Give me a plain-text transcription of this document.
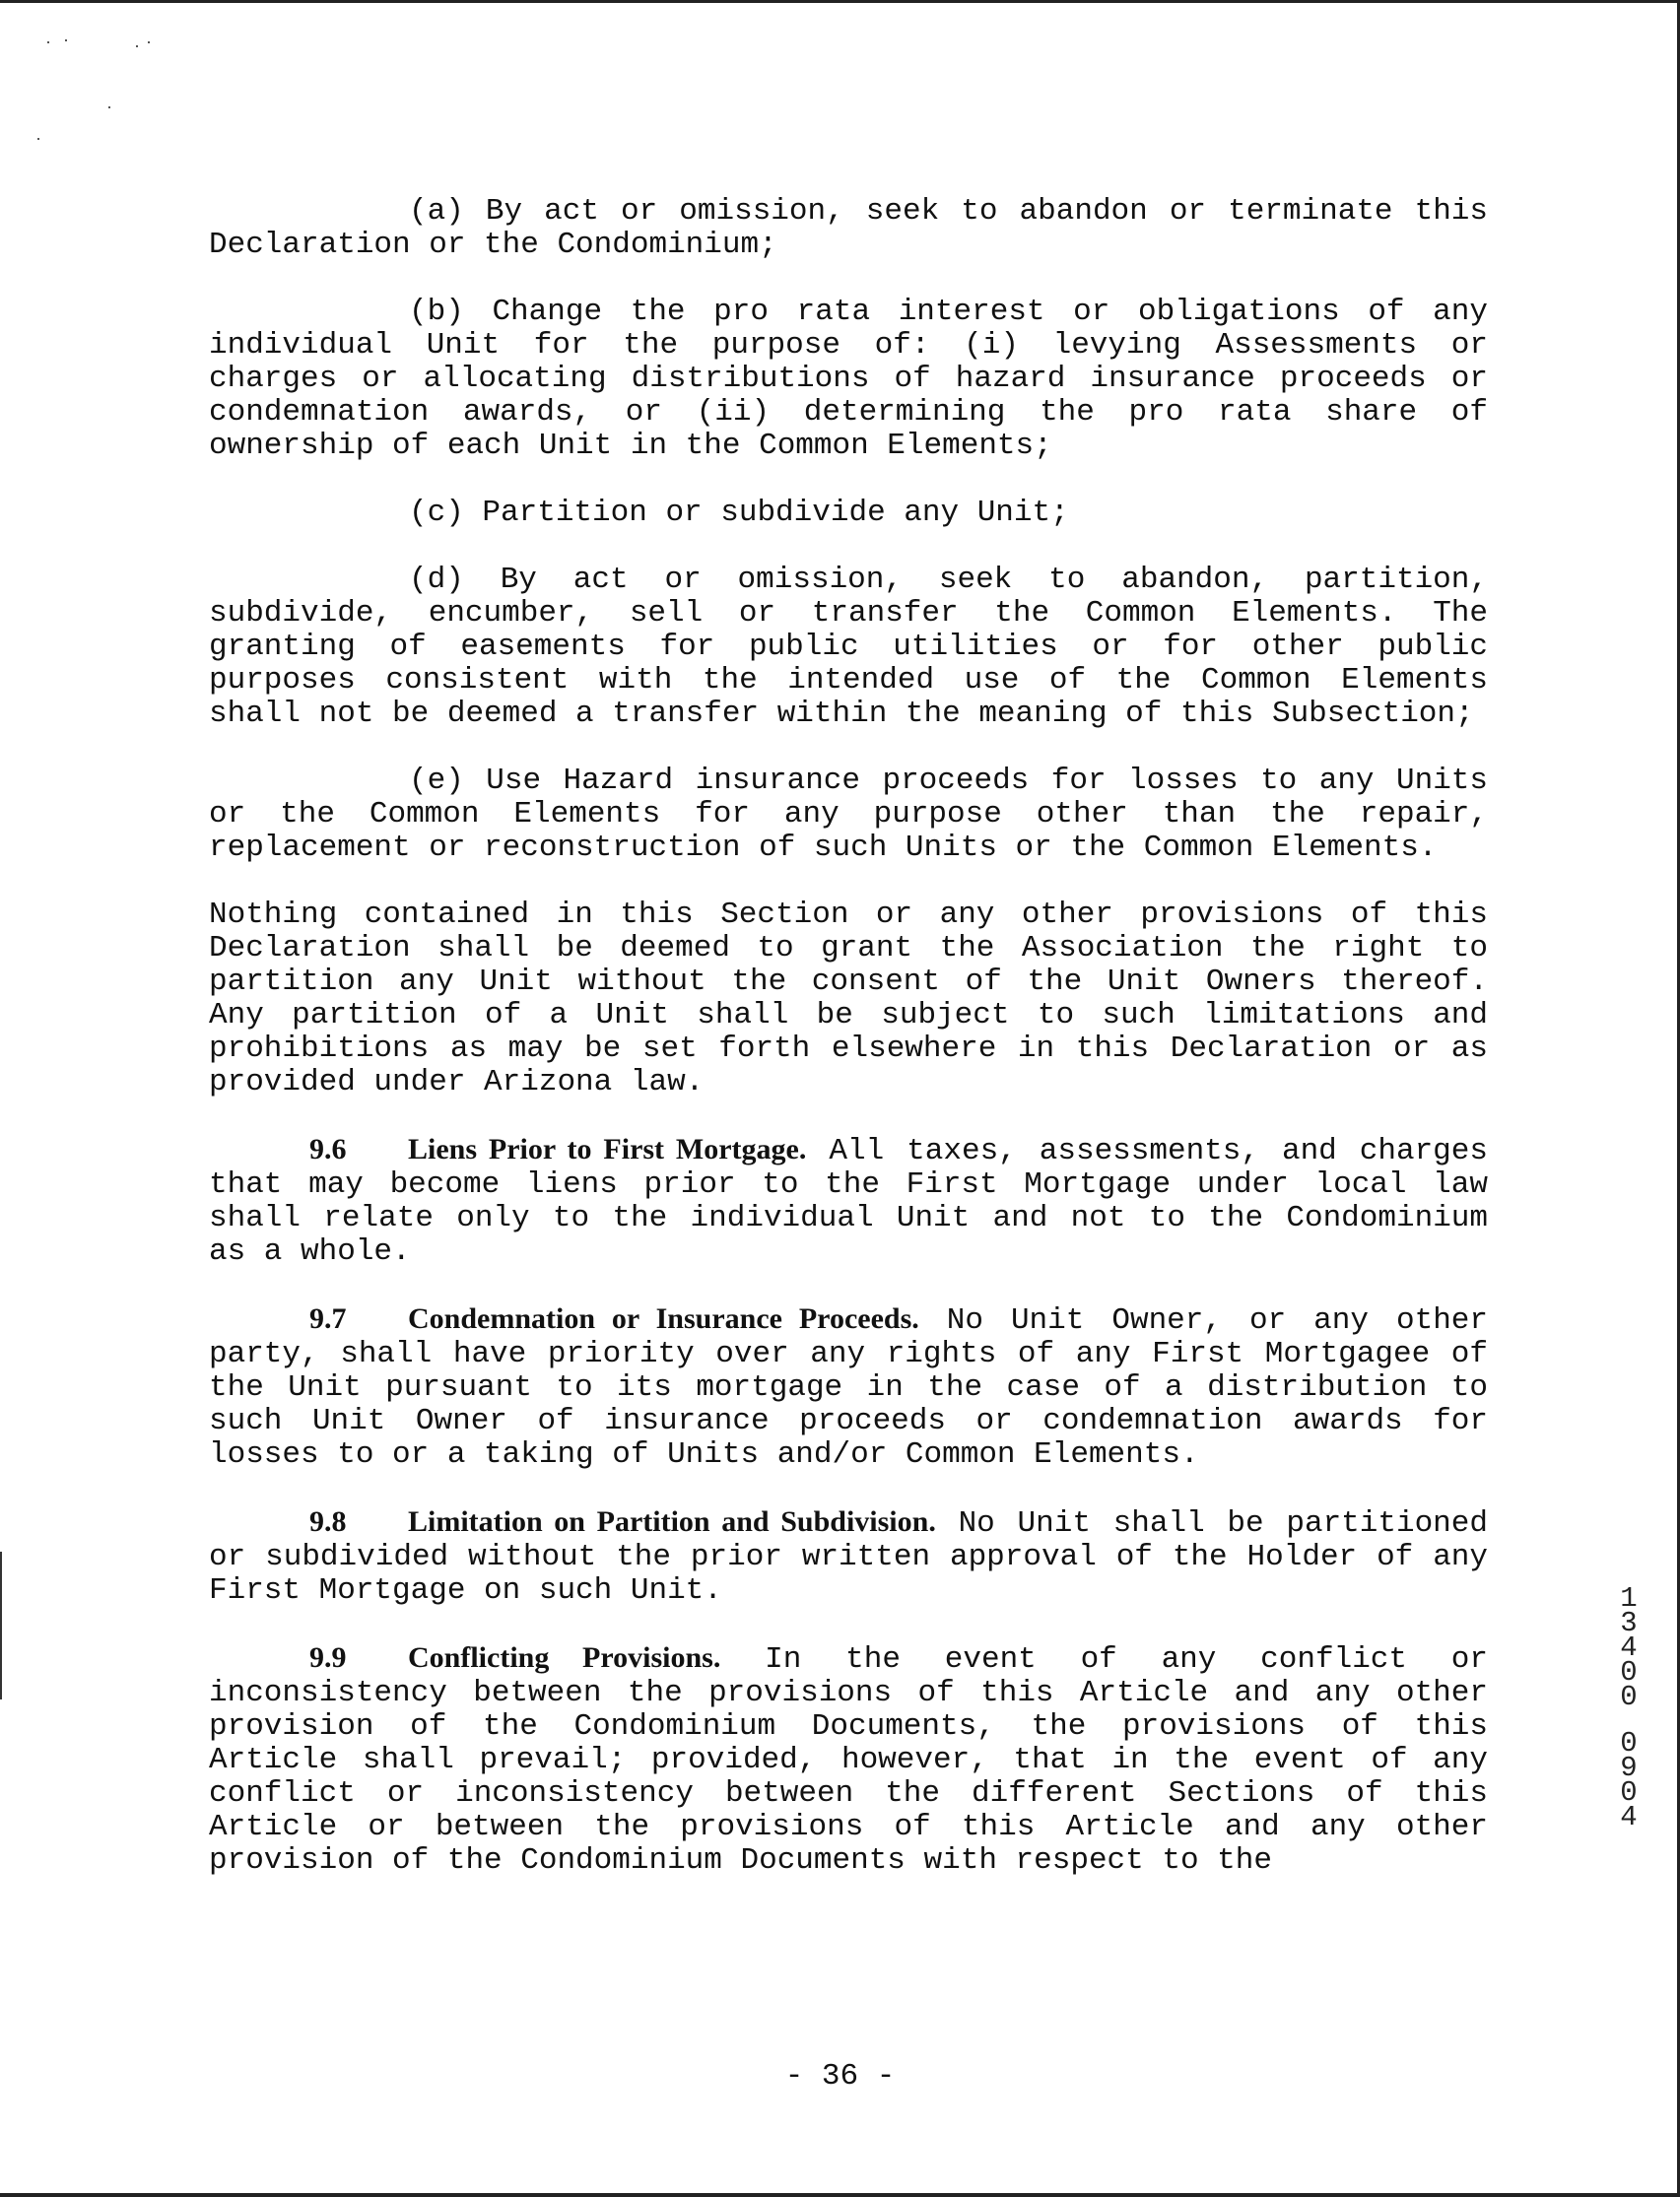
(a) By act or omission, seek to abandon or terminate this Declaration or the Condominium;

(b) Change the pro rata interest or obligations of any individual Unit for the purpose of: (i) levying Assessments or charges or allocating distributions of hazard insurance proceeds or condemnation awards, or (ii) determining the pro rata share of ownership of each Unit in the Common Elements;

(c) Partition or subdivide any Unit;

(d) By act or omission, seek to abandon, partition, subdivide, encumber, sell or transfer the Common Elements. The granting of easements for public utilities or for other public purposes consistent with the intended use of the Common Elements shall not be deemed a transfer within the meaning of this Subsection;

(e) Use Hazard insurance proceeds for losses to any Units or the Common Elements for any purpose other than the repair, replacement or reconstruction of such Units or the Common Elements.

Nothing contained in this Section or any other provisions of this Declaration shall be deemed to grant the Association the right to partition any Unit without the consent of the Unit Owners thereof. Any partition of a Unit shall be subject to such limitations and prohibitions as may be set forth elsewhere in this Declaration or as provided under Arizona law.

9.6 Liens Prior to First Mortgage. All taxes, assessments, and charges that may become liens prior to the First Mortgage under local law shall relate only to the individual Unit and not to the Condominium as a whole.

9.7 Condemnation or Insurance Proceeds. No Unit Owner, or any other party, shall have priority over any rights of any First Mortgagee of the Unit pursuant to its mortgage in the case of a distribution to such Unit Owner of insurance proceeds or condemnation awards for losses to or a taking of Units and/or Common Elements.

9.8 Limitation on Partition and Subdivision. No Unit shall be partitioned or subdivided without the prior written approval of the Holder of any First Mortgage on such Unit.

9.9 Conflicting Provisions. In the event of any conflict or inconsistency between the provisions of this Article and any other provision of the Condominium Documents, the provisions of this Article shall prevail; provided, however, that in the event of any conflict or inconsistency between the different Sections of this Article or between the provisions of this Article and any other provision of the Condominium Documents with respect to the

13400
0904
- 36 -
